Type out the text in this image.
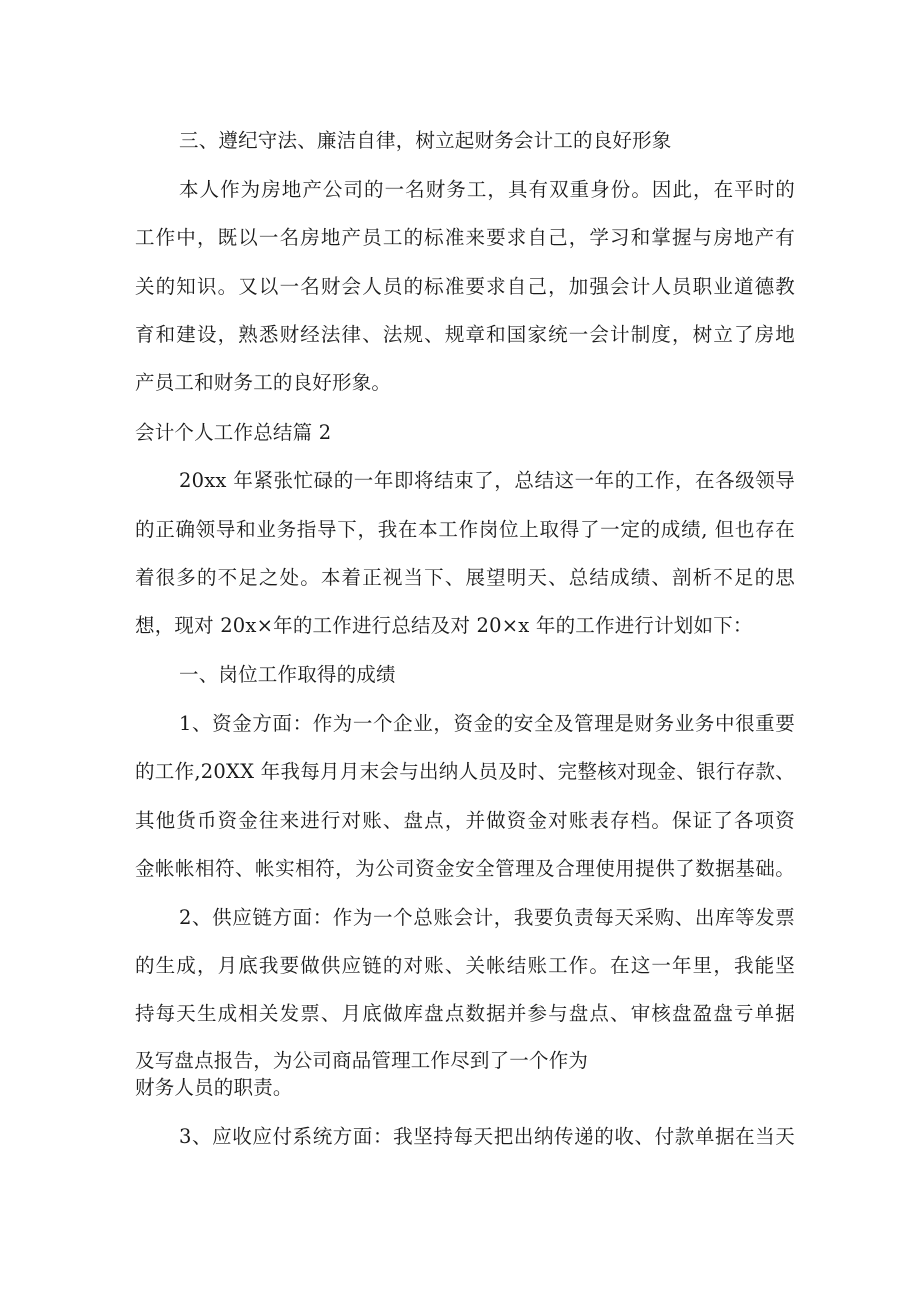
三、遵纪守法、廉洁自律，树立起财务会计工的良好形象
本人作为房地产公司的一名财务工，具有双重身份。因此，在平时的
工作中，既以一名房地产员工的标准来要求自己，学习和掌握与房地产有
关的知识。又以一名财会人员的标准要求自己，加强会计人员职业道德教
育和建设，熟悉财经法律、法规、规章和国家统一会计制度，树立了房地
产员工和财务工的良好形象。
会计个人工作总结篇 2
20xx 年紧张忙碌的一年即将结束了，总结这一年的工作，在各级领导
的正确领导和业务指导下，我在本工作岗位上取得了一定的成绩, 但也存在
着很多的不足之处。本着正视当下、展望明天、总结成绩、剖析不足的思
想，现对 20x×年的工作进行总结及对 20×x 年的工作进行计划如下：
一、岗位工作取得的成绩
1、资金方面：作为一个企业，资金的安全及管理是财务业务中很重要
的工作,20XX 年我每月月末会与出纳人员及时、完整核对现金、银行存款、
其他货币资金往来进行对账、盘点，并做资金对账表存档。保证了各项资
金帐帐相符、帐实相符，为公司资金安全管理及合理使用提供了数据基础。
2、供应链方面：作为一个总账会计，我要负责每天采购、出库等发票
的生成，月底我要做供应链的对账、关帐结账工作。在这一年里，我能坚
持每天生成相关发票、月底做库盘点数据并参与盘点、审核盘盈盘亏单据
及写盘点报告，为公司商品管理工作尽到了一个作为
财务人员的职责。
3、应收应付系统方面：我坚持每天把出纳传递的收、付款单据在当天
